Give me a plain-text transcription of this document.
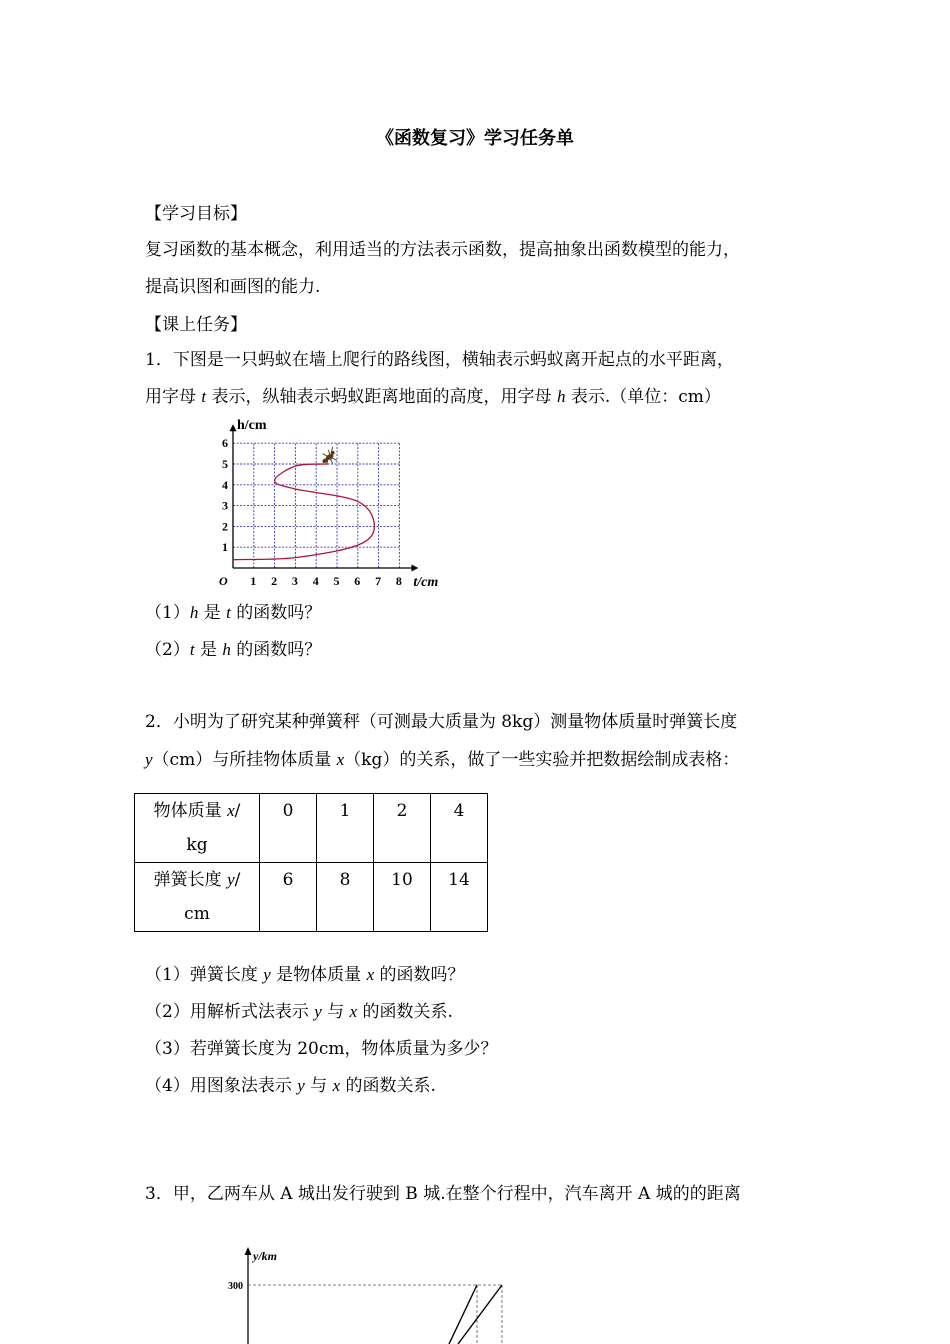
《函数复习》学习任务单
【学习目标】
复习函数的基本概念，利用适当的方法表示函数，提高抽象出函数模型的能力，
提高识图和画图的能力.
【课上任务】
1．下图是一只蚂蚁在墙上爬行的路线图，横轴表示蚂蚁离开起点的水平距离，
用字母 t 表示，纵轴表示蚂蚁距离地面的高度，用字母 h 表示.（单位：cm）
1 2 3 4 5 6 7 8
1
2
3
4
5
6
O	t/cm
h/cm
（1）h 是 t 的函数吗？
（2）t 是 h 的函数吗？
2．小明为了研究某种弹簧秤（可测最大质量为 8kg）测量物体质量时弹簧长度
y（cm）与所挂物体质量 x（kg）的关系，做了一些实验并把数据绘制成表格：
物体质量 x/
kg	0	1	2	4
弹簧长度 y/
cm	6	8	10	14
（1）弹簧长度 y 是物体质量 x 的函数吗？
（2）用解析式法表示 y 与 x 的函数关系.
（3）若弹簧长度为 20cm，物体质量为多少？
（4）用图象法表示 y 与 x 的函数关系.
3．甲，乙两车从 A 城出发行驶到 B 城.在整个行程中，汽车离开 A 城的的距离
y/km
300
